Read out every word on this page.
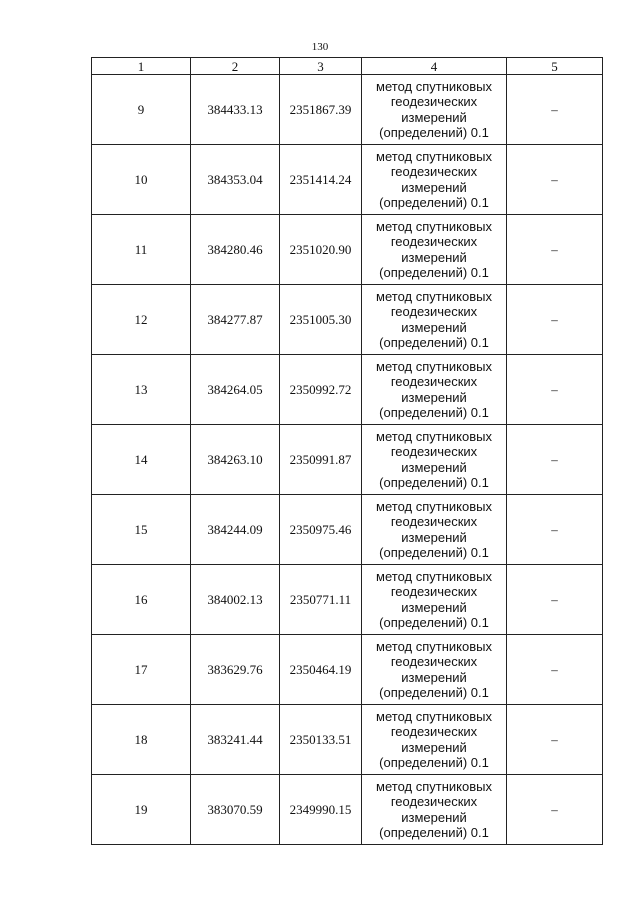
130
1	2	3	4	5
9	384433.13	2351867.39	метод спутниковых
геодезических
измерений
(определений) 0.1	–
10	384353.04	2351414.24	метод спутниковых
геодезических
измерений
(определений) 0.1	–
11	384280.46	2351020.90	метод спутниковых
геодезических
измерений
(определений) 0.1	–
12	384277.87	2351005.30	метод спутниковых
геодезических
измерений
(определений) 0.1	–
13	384264.05	2350992.72	метод спутниковых
геодезических
измерений
(определений) 0.1	–
14	384263.10	2350991.87	метод спутниковых
геодезических
измерений
(определений) 0.1	–
15	384244.09	2350975.46	метод спутниковых
геодезических
измерений
(определений) 0.1	–
16	384002.13	2350771.11	метод спутниковых
геодезических
измерений
(определений) 0.1	–
17	383629.76	2350464.19	метод спутниковых
геодезических
измерений
(определений) 0.1	–
18	383241.44	2350133.51	метод спутниковых
геодезических
измерений
(определений) 0.1	–
19	383070.59	2349990.15	метод спутниковых
геодезических
измерений
(определений) 0.1	–
